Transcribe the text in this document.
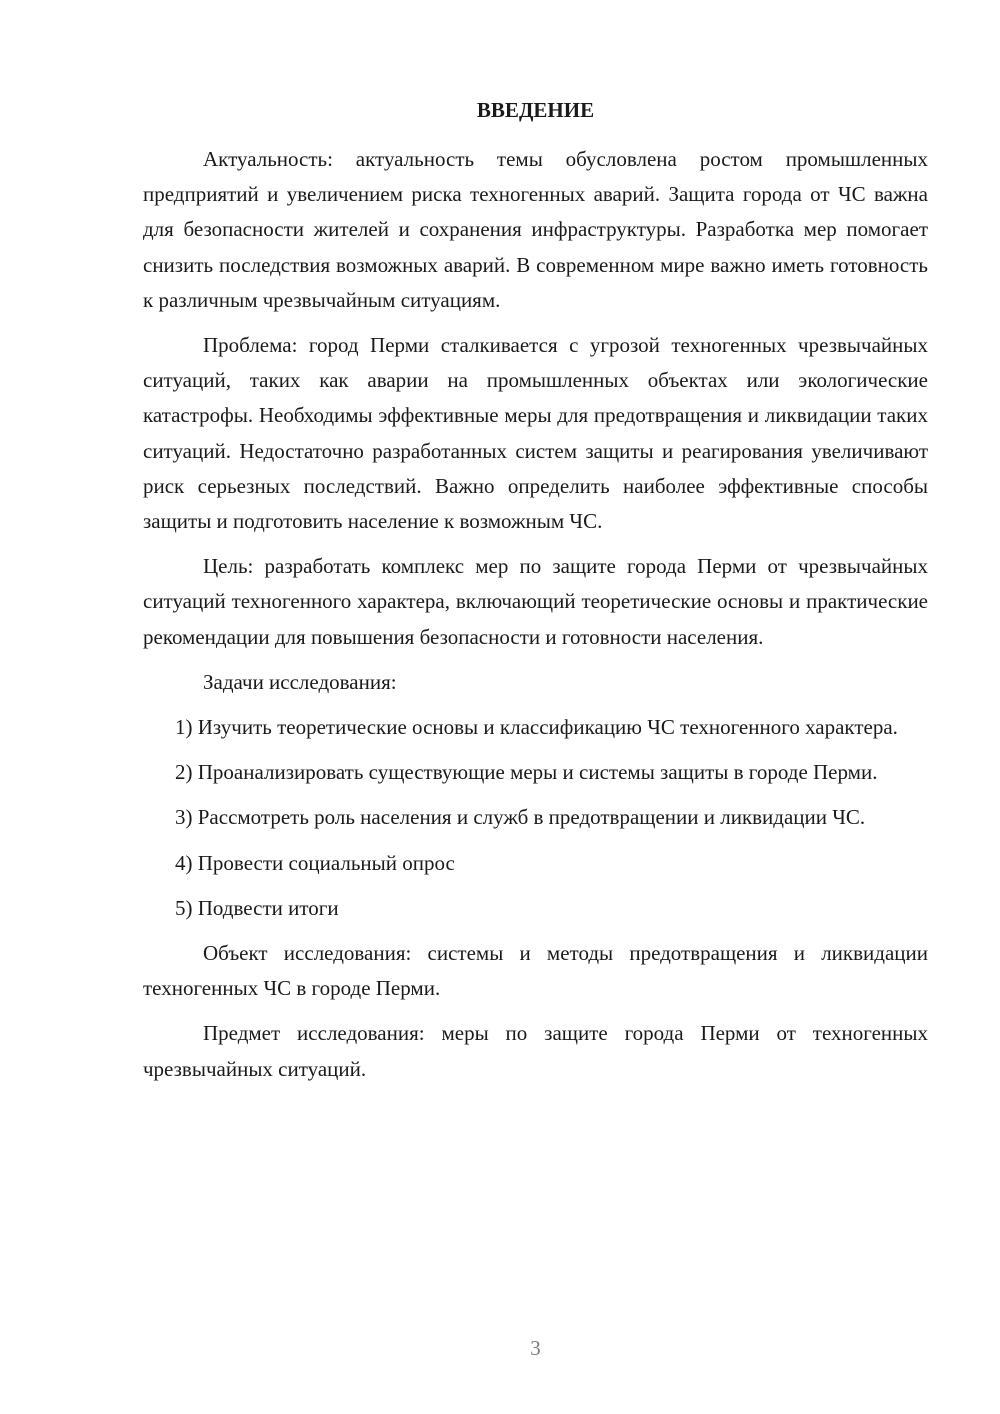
ВВЕДЕНИЕ

Актуальность: актуальность темы обусловлена ростом промышленных предприятий и увеличением риска техногенных аварий. Защита города от ЧС важна для безопасности жителей и сохранения инфраструктуры. Разработка мер помогает снизить последствия возможных аварий. В современном мире важно иметь готовность к различным чрезвычайным ситуациям.

Проблема: город Перми сталкивается с угрозой техногенных чрезвычайных ситуаций, таких как аварии на промышленных объектах или экологические катастрофы. Необходимы эффективные меры для предотвращения и ликвидации таких ситуаций. Недостаточно разработанных систем защиты и реагирования увеличивают риск серьезных последствий. Важно определить наиболее эффективные способы защиты и подготовить население к возможным ЧС.

Цель: разработать комплекс мер по защите города Перми от чрезвычайных ситуаций техногенного характера, включающий теоретические основы и практические рекомендации для повышения безопасности и готовности населения.

Задачи исследования:

1) Изучить теоретические основы и классификацию ЧС техногенного характера.

2) Проанализировать существующие меры и системы защиты в городе Перми.

3) Рассмотреть роль населения и служб в предотвращении и ликвидации ЧС.

4) Провести социальный опрос

5) Подвести итоги

Объект исследования: системы и методы предотвращения и ликвидации техногенных ЧС в городе Перми.

Предмет исследования: меры по защите города Перми от техногенных чрезвычайных ситуаций.

3
